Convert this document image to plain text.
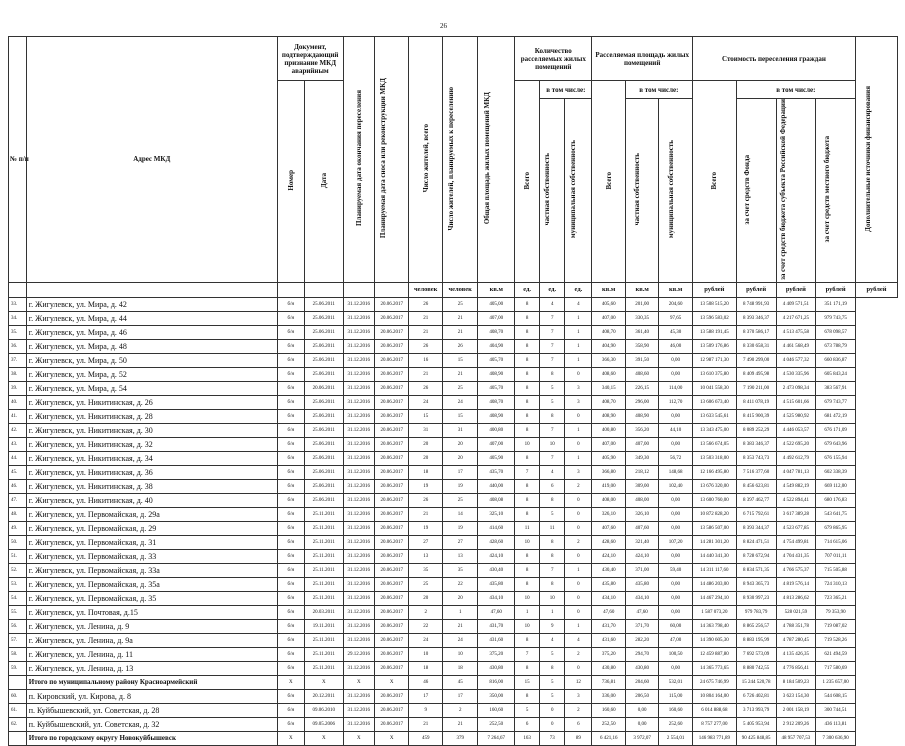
26
№ п/п	Адрес МКД	Документ, подтверждающий признание МКД аварийным		Планируемая дата окончания переселения	Планируемая дата сноса или реконструкции МКД	Число жителей, всего	Число жителей, планируемых к переселению	Общая площадь жилых помещений МКД	Количество расселяемых жилых помещений			Расселяемая площадь жилых помещений			Стоимость переселения граждан				Дополнительные источники финансирования
		Номер	Дата						Всего	в том числе:		Всего	в том числе:		Всего	в том числе:			
										частная собственность	муниципальная собственность		частная собственность	муниципальная собственность		за счет средств Фонда	за счет средств бюджета субъекта Российской Федерации	за счет средств местного бюджета	
						человек	человек	кв.м	ед.	ед.	ед.	кв.м	кв.м	кв.м	рублей	рублей	рублей	рублей	рублей
33.	г. Жигулевск, ул. Мира, д. 42	б/н	25.06.2011	31.12.2016	20.06.2017	26	25	405,00	8	4	4	405,60	201,00	204,60	13 508 515,20	8 748 991,93	4 409 571,51	351 171,19	
34.	г. Жигулевск, ул. Мира, д. 44	б/н	25.06.2011	31.12.2016	20.06.2017	21	21	407,00	8	7	1	407,00	330,35	97,65	13 596 583,02	8 393 346,37	4 217 671,25	979 743,75	
35.	г. Жигулевск, ул. Мира, д. 46	б/н	25.06.2011	31.12.2016	20.06.2017	21	21	408,70	8	7	1	408,70	361,40	45,30	13 588 191,45	8 370 586,17	4 513 475,58	678 098,57	
36.	г. Жигулевск, ул. Мира, д. 48	б/н	25.06.2011	31.12.2016	20.06.2017	26	26	404,90	8	7	1	404,90	358,90	46,00	13 509 176,86	8 330 658,31	4 461 568,49	673 788,79	
37.	г. Жигулевск, ул. Мира, д. 50	б/н	25.06.2011	31.12.2016	20.06.2017	16	15	405,70	8	7	1	366,30	391,50	0,00	12 987 171,30	7 490 299,00	4 046 577,32	660 836,87	
38.	г. Жигулевск, ул. Мира, д. 52	б/н	25.06.2011	31.12.2016	20.06.2017	21	21	408,90	8	8	0	408,60	408,60	0,00	13 610 375,80	8 409 495,98	4 530 335,96	605 843,24	
39.	г. Жигулевск, ул. Мира, д. 54	б/н	20.06.2011	31.12.2016	20.06.2017	26	25	405,70	8	5	3	340,15	226,15	114,00	10 041 558,30	7 190 211,00	2 473 098,34	383 567,91	
40.	г. Жигулевск, ул. Никитинская, д. 26	б/н	25.06.2011	31.12.2016	20.06.2017	24	24	408,70	8	5	3	408,70	296,00	112,70	13 606 673,40	8 411 078,19	4 515 601,66	679 743,77	
41.	г. Жигулевск, ул. Никитинская, д. 28	б/н	25.06.2011	31.12.2016	20.06.2017	15	15	408,90	8	8	0	408,90	408,90	0,00	13 633 545,61	8 415 900,39	4 525 980,92	681 472,19	
42.	г. Жигулевск, ул. Никитинская, д. 30	б/н	25.06.2011	31.12.2016	20.06.2017	31	31	400,80	8	7	1	400,80	356,20	44,10	13 343 475,00	8 089 252,29	4 446 053,57	676 171,09	
43.	г. Жигулевск, ул. Никитинская, д. 32	б/н	25.06.2011	31.12.2016	20.06.2017	20	20	407,00	10	10	0	407,00	407,00	0,00	13 566 674,05	8 383 346,37	4 522 695,20	679 643,96	
44.	г. Жигулевск, ул. Никитинская, д. 34	б/н	25.06.2011	31.12.2016	20.06.2017	20	20	405,90	8	7	1	405,90	349,30	56,72	13 503 318,00	8 353 743,73	4 492 612,79	676 155,94	
45.	г. Жигулевск, ул. Никитинская, д. 36	б/н	25.06.2011	31.12.2016	20.06.2017	18	17	435,70	7	4	3	366,80	218,12	148,68	12 166 495,80	7 516 377,60	4 047 781,13	602 338,39	
46.	г. Жигулевск, ул. Никитинская, д. 38	б/н	25.06.2011	31.12.2016	20.06.2017	19	19	440,00	8	6	2	419,00	309,00	102,40	13 676 320,00	8 456 623,81	4 549 882,19	669 112,00	
47.	г. Жигулевск, ул. Никитинская, д. 40	б/н	25.06.2011	31.12.2016	20.06.2017	26	25	408,08	8	8	0	408,00	408,00	0,00	13 600 760,00	8 397 462,77	4 522 894,41	680 176,83	
48.	г. Жигулевск, ул. Первомайская, д. 29а	б/н	25.11.2011	31.12.2016	20.06.2017	21	14	325,10	8	5	0	326,10	326,10	0,00	10 872 828,20	6 715 792,61	3 617 389,28	543 641,75	
49.	г. Жигулевск, ул. Первомайская, д. 29	б/н	25.11.2011	31.12.2016	20.06.2017	19	19	414,60	11	11	0	407,60	407,60	0,00	13 586 507,00	8 393 344,37	4 523 677,85	679 865,95	
50.	г. Жигулевск, ул. Первомайская, д. 31	б/н	25.11.2011	31.12.2016	20.06.2017	27	27	428,60	10	8	2	428,60	321,40	107,20	14 281 301,20	8 824 471,51	4 754 499,81	714 615,06	
51.	г. Жигулевск, ул. Первомайская, д. 33	б/н	25.11.2011	31.12.2016	20.06.2017	13	13	424,10	8	8	0	424,10	424,10	0,00	14 440 341,30	8 728 672,94	4 704 431,35	707 011,11	
52.	г. Жигулевск, ул. Первомайская, д. 33а	б/н	25.11.2011	31.12.2016	20.06.2017	35	35	430,40	8	7	1	430,40	371,00	59,40	14 311 117,60	8 834 571,35	4 766 575,37	715 505,88	
53.	г. Жигулевск, ул. Первомайская, д. 35а	б/н	25.11.2011	31.12.2016	20.06.2017	25	22	435,80	8	8	0	435,80	435,80	0,00	14 486 203,00	8 943 365,73	4 819 576,14	724 310,13	
54.	г. Жигулевск, ул. Первомайская, д. 35	б/н	25.11.2011	31.12.2016	20.06.2017	20	20	434,10	10	10	0	434,10	434,10	0,00	14 467 294,10	8 930 997,23	4 813 286,62	723 365,21	
55.	г. Жигулевск, ул. Почтовая, д.15	б/н	20.03.2011	31.12.2016	20.06.2017	2	1	47,60	1	1	0	47,60	47,60	0,00	1 587 073,20	979 783,79	528 021,59	79 353,90	
56.	г. Жигулевск, ул. Ленина, д. 9	б/н	19.11.2011	31.12.2016	20.06.2017	22	21	431,70	10	9	1	431,70	371,70	60,00	14 363 798,40	8 865 256,57	4 788 351,78	719 087,02	
57.	г. Жигулевск, ул. Ленина, д. 9а	б/н	25.11.2011	31.12.2016	20.06.2017	24	24	431,60	8	4	4	431,60	282,20	47,00	14 390 605,30	8 883 195,99	4 787 280,45	719 528,26	
58.	г. Жигулевск, ул. Ленина, д. 11	б/н	25.11.2011	29.12.2016	20.06.2017	10	10	375,20	7	5	2	375,20	294,70	100,50	12 459 887,80	7 692 573,09	4 135 426,35	621 494,59	
59.	г. Жигулевск, ул. Ленина, д. 13	б/н	25.11.2011	31.12.2016	20.06.2017	18	18	430,80	8	8	0	430,80	430,80	0,00	14 365 773,65	8 880 742,55	4 776 856,41	717 580,69	
	Итого по муниципальному району Красноармейский	X	X	X	X	46	45	816,00	15	5	12	736,81	204,60	532,01	24 675 746,99	15 244 520,78	8 184 509,23	1 235 657,00	
60.	п. Кировский, ул. Кирова, д. 8	б/н	20.12.2011	31.12.2016	20.06.2017	17	17	350,00	8	5	3	336,00	206,50	115,00	10 804 164,00	6 726 402,81	3 623 154,30	544 608,15	
61.	п. Куйбышевский, ул. Советская, д. 28	б/н	09.06.2010	31.12.2016	20.06.2017	9	2	160,60	5	0	2	160,60	0,00	160,60	6 014 888,68	3 713 993,79	2 001 158,19	300 744,51	
62.	п. Куйбышевский, ул. Советская, д. 32	б/н	09.05.2006	31.12.2016	20.06.2017	21	21	252,50	6	0	6	252,50	0,00	252,60	8 757 277,00	5 405 953,94	2 912 209,26	436 113,81	
	Итого по городскому округу Новокуйбышевск	X	X	X	X	459	379	7 264,67	163	73	89	6 421,16	3 972,07	2 554,01	146 983 771,89	90 425 848,85	48 957 707,53	7 300 636,90	
